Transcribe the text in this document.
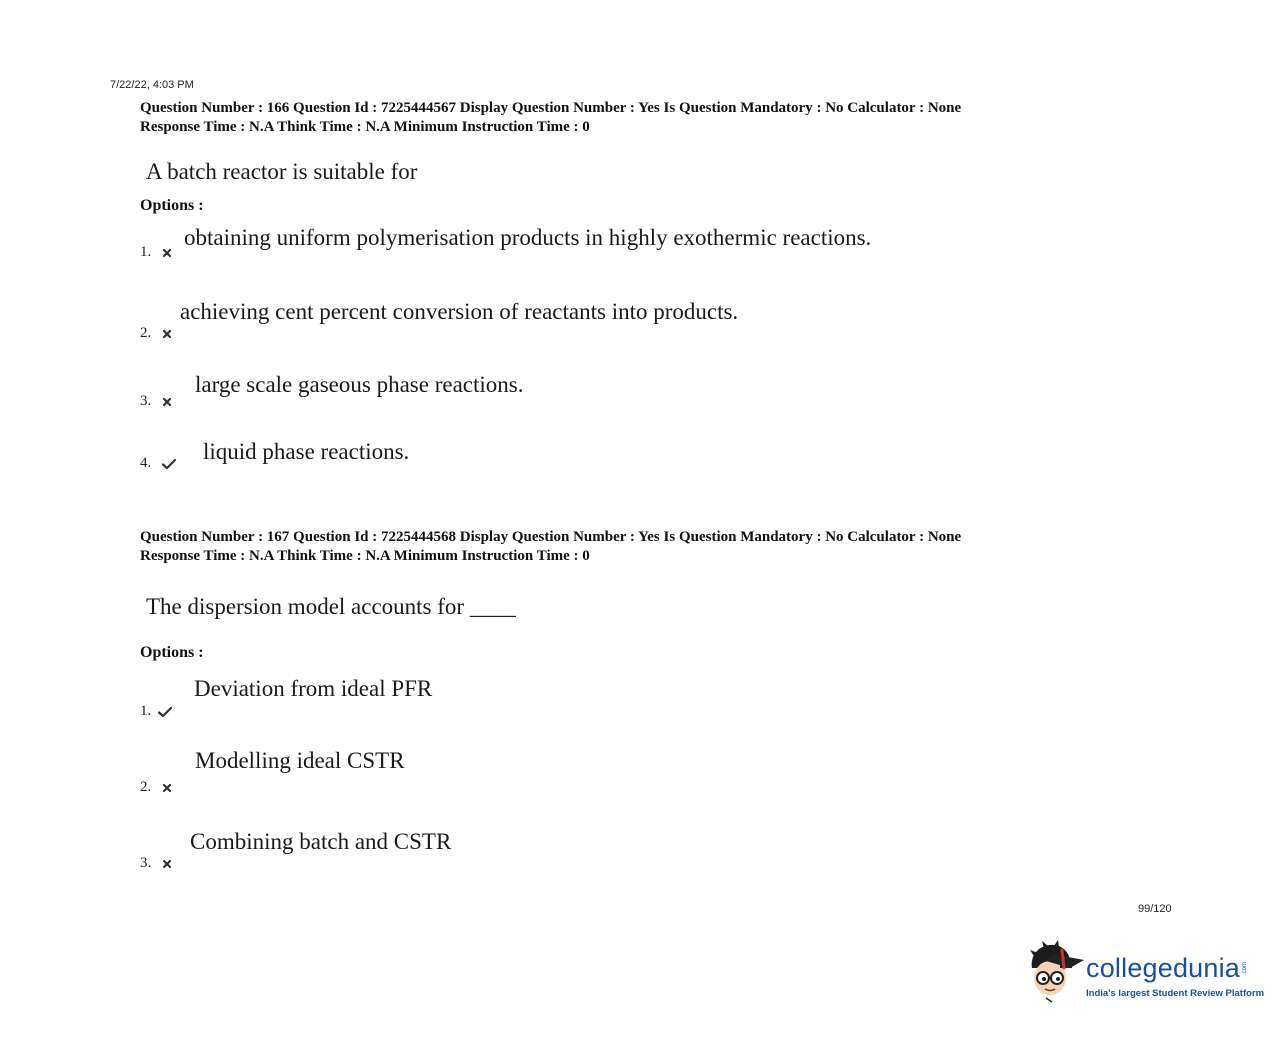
7/22/22, 4:03 PM
Question Number : 166 Question Id : 7225444567 Display Question Number : Yes Is Question Mandatory : No Calculator : None
Response Time : N.A Think Time : N.A Minimum Instruction Time : 0
A batch reactor is suitable for
Options :
1.
obtaining uniform polymerisation products in highly exothermic reactions.
2.
achieving cent percent conversion of reactants into products.
3.
large scale gaseous phase reactions.
4.	liquid phase reactions.
Question Number : 167 Question Id : 7225444568 Display Question Number : Yes Is Question Mandatory : No Calculator : None
Response Time : N.A Think Time : N.A Minimum Instruction Time : 0
The dispersion model accounts for ____
Options :
1.
Deviation from ideal PFR
2.
Modelling ideal CSTR
3.
Combining batch and CSTR
99/120
collegedunia .com
India's largest Student Review Platform
